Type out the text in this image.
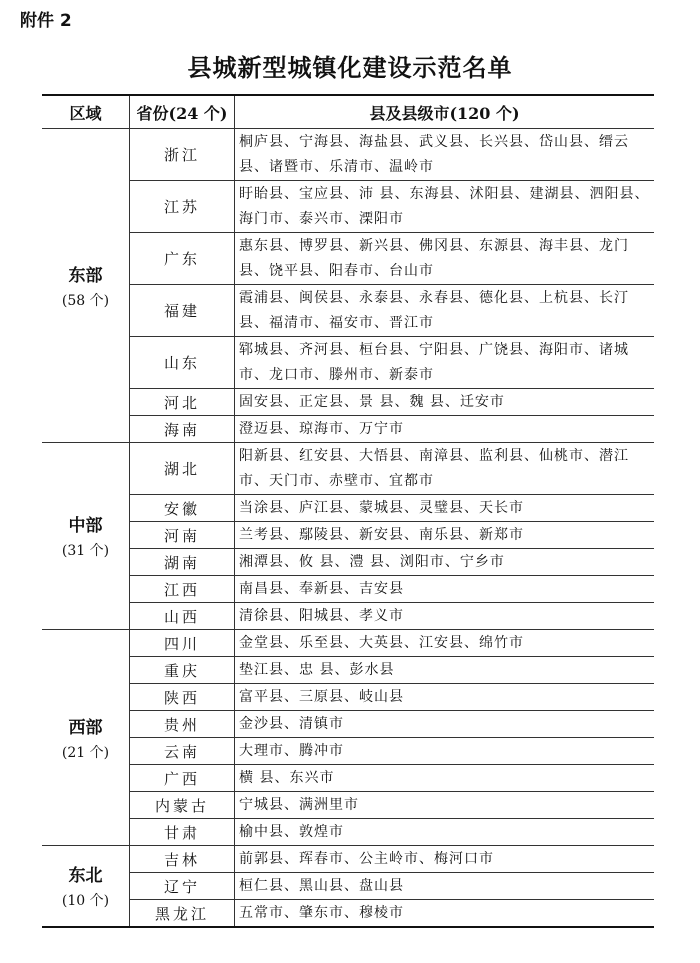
附件 2
县城新型城镇化建设示范名单
区域	省份(24 个)	县及县级市(120 个)

东部
(58 个)	浙江	桐庐县、宁海县、海盐县、武义县、长兴县、岱山县、缙云县、诸暨市、乐清市、温岭市
	江苏	盱眙县、宝应县、沛 县、东海县、沭阳县、建湖县、泗阳县、海门市、泰兴市、溧阳市
	广东	惠东县、博罗县、新兴县、佛冈县、东源县、海丰县、龙门县、饶平县、阳春市、台山市
	福建	霞浦县、闽侯县、永泰县、永春县、德化县、上杭县、长汀县、福清市、福安市、晋江市
	山东	郓城县、齐河县、桓台县、宁阳县、广饶县、海阳市、诸城市、龙口市、滕州市、新泰市
	河北	固安县、正定县、景 县、魏 县、迁安市
	海南	澄迈县、琼海市、万宁市

中部
(31 个)	湖北	阳新县、红安县、大悟县、南漳县、监利县、仙桃市、潜江市、天门市、赤壁市、宜都市
	安徽	当涂县、庐江县、蒙城县、灵璧县、天长市
	河南	兰考县、鄢陵县、新安县、南乐县、新郑市
	湖南	湘潭县、攸 县、澧 县、浏阳市、宁乡市
	江西	南昌县、奉新县、吉安县
	山西	清徐县、阳城县、孝义市

西部
(21 个)	四川	金堂县、乐至县、大英县、江安县、绵竹市
	重庆	垫江县、忠 县、彭水县
	陕西	富平县、三原县、岐山县
	贵州	金沙县、清镇市
	云南	大理市、腾冲市
	广西	横 县、东兴市
	内蒙古	宁城县、满洲里市
	甘肃	榆中县、敦煌市

东北
(10 个)	吉林	前郭县、珲春市、公主岭市、梅河口市
	辽宁	桓仁县、黑山县、盘山县
	黑龙江	五常市、肇东市、穆棱市
